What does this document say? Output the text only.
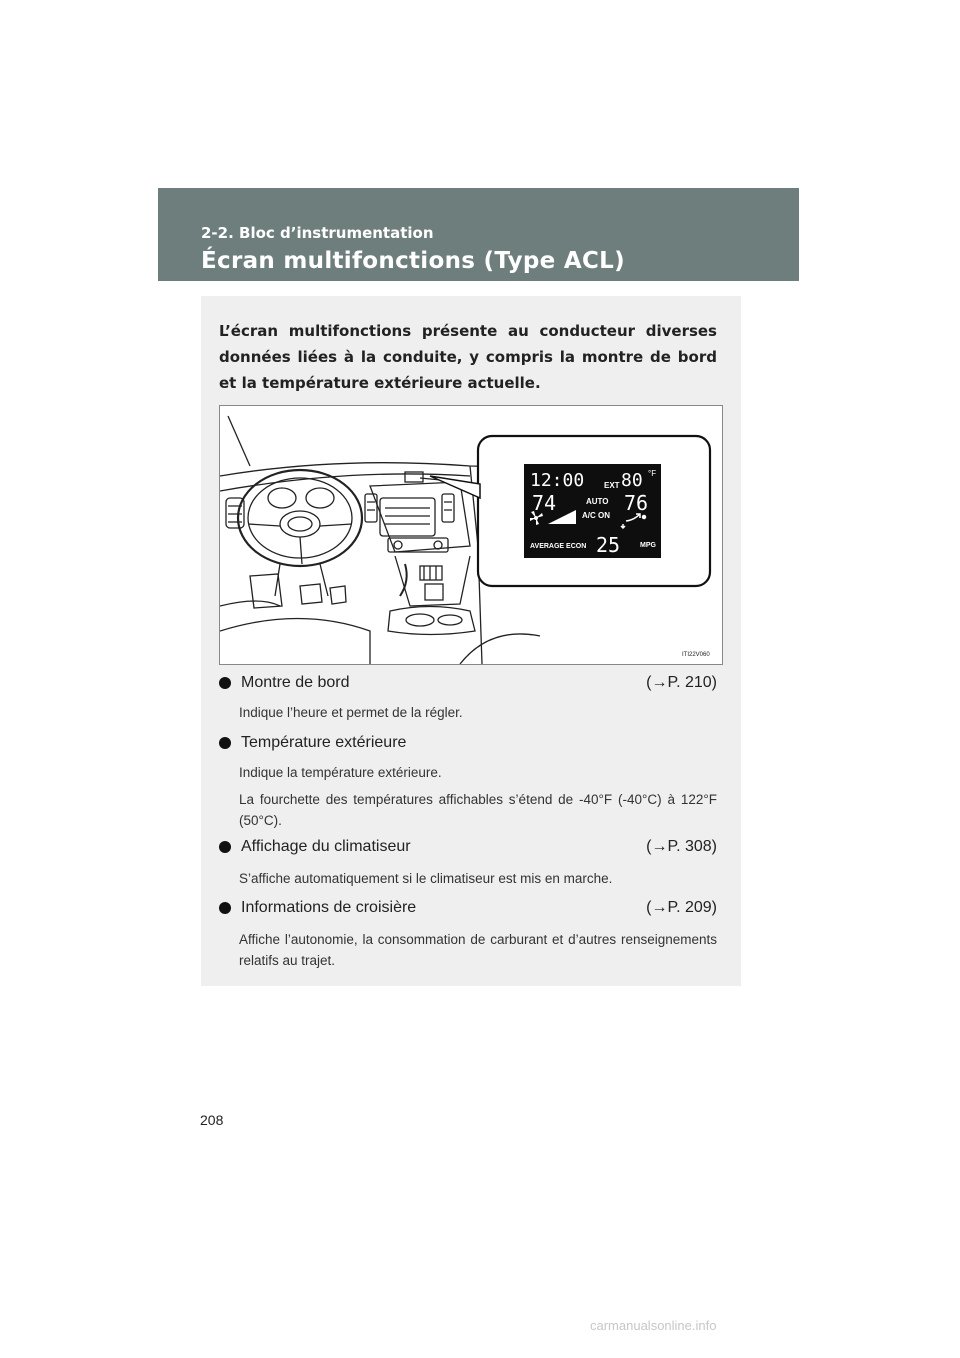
2-2. Bloc d’instrumentation
Écran multifonctions (Type ACL)
L’écran multifonctions présente au conducteur diverses données liées à la conduite, y compris la montre de bord et la température extérieure actuelle.
12:00 EXT 80 °F
74	AUTO
A/C ON
76
AVERAGE ECON 25	MPG
ITI22V060
Montre de bord	(→P. 210)
Indique l’heure et permet de la régler.
Température extérieure
Indique la température extérieure.
La fourchette des températures affichables s’étend de -40°F (-40°C) à 122°F (50°C).
Affichage du climatiseur	(→P. 308)
S’affiche automatiquement si le climatiseur est mis en marche.
Informations de croisière	(→P. 209)
Affiche l’autonomie, la consommation de carburant et d’autres renseignements relatifs au trajet.
208
carmanualsonline.info
